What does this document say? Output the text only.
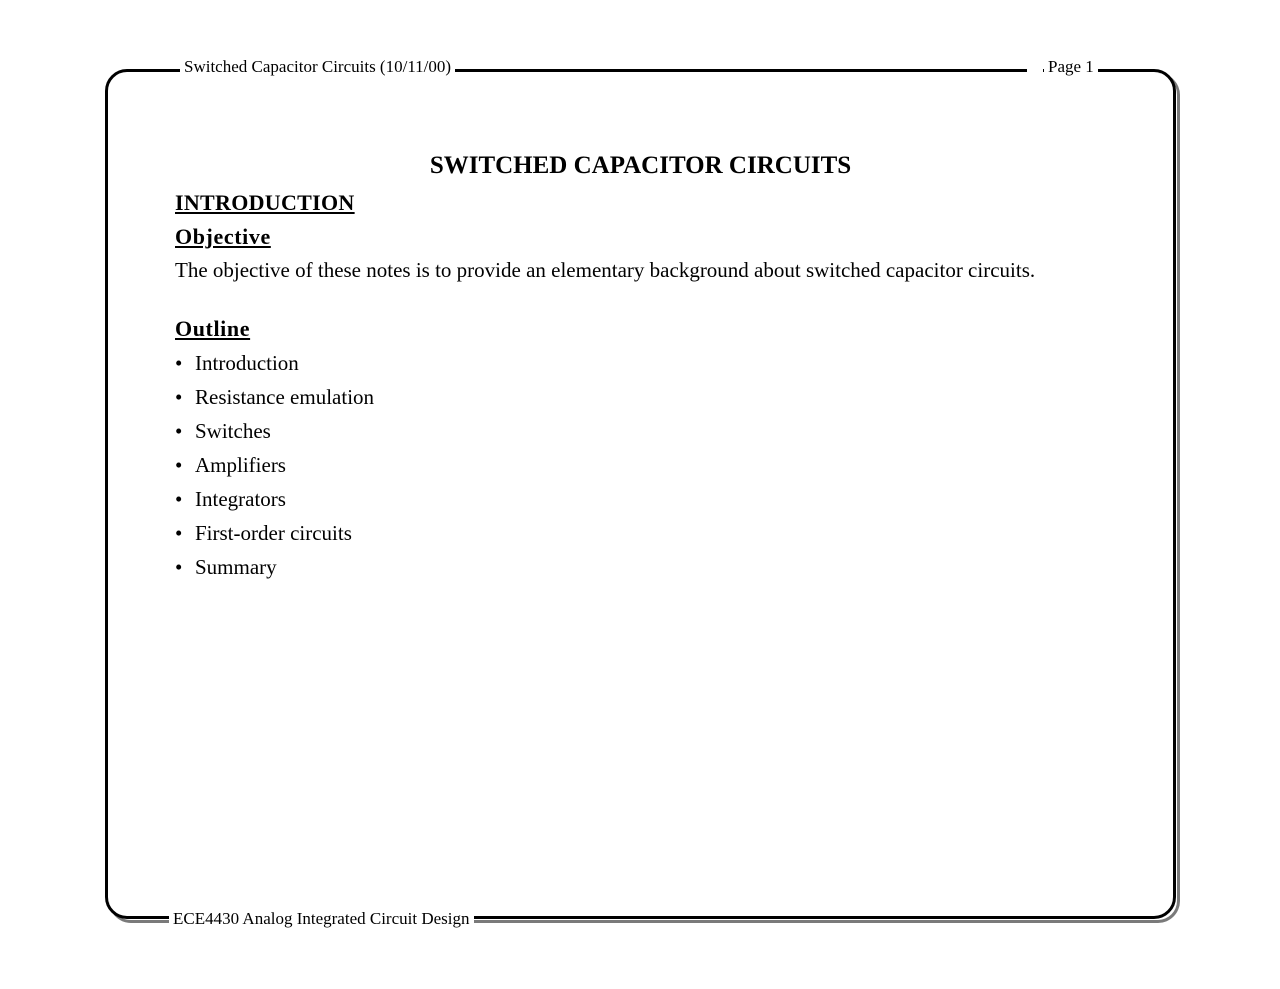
Switched Capacitor Circuits (10/11/00)	Page 1
SWITCHED CAPACITOR CIRCUITS
INTRODUCTION
Objective

The objective of these notes is to provide an elementary background about switched capacitor circuits.

Outline
• Introduction
• Resistance emulation
• Switches
• Amplifiers
• Integrators
• First-order circuits
• Summary
ECE4430 Analog Integrated Circuit Design
